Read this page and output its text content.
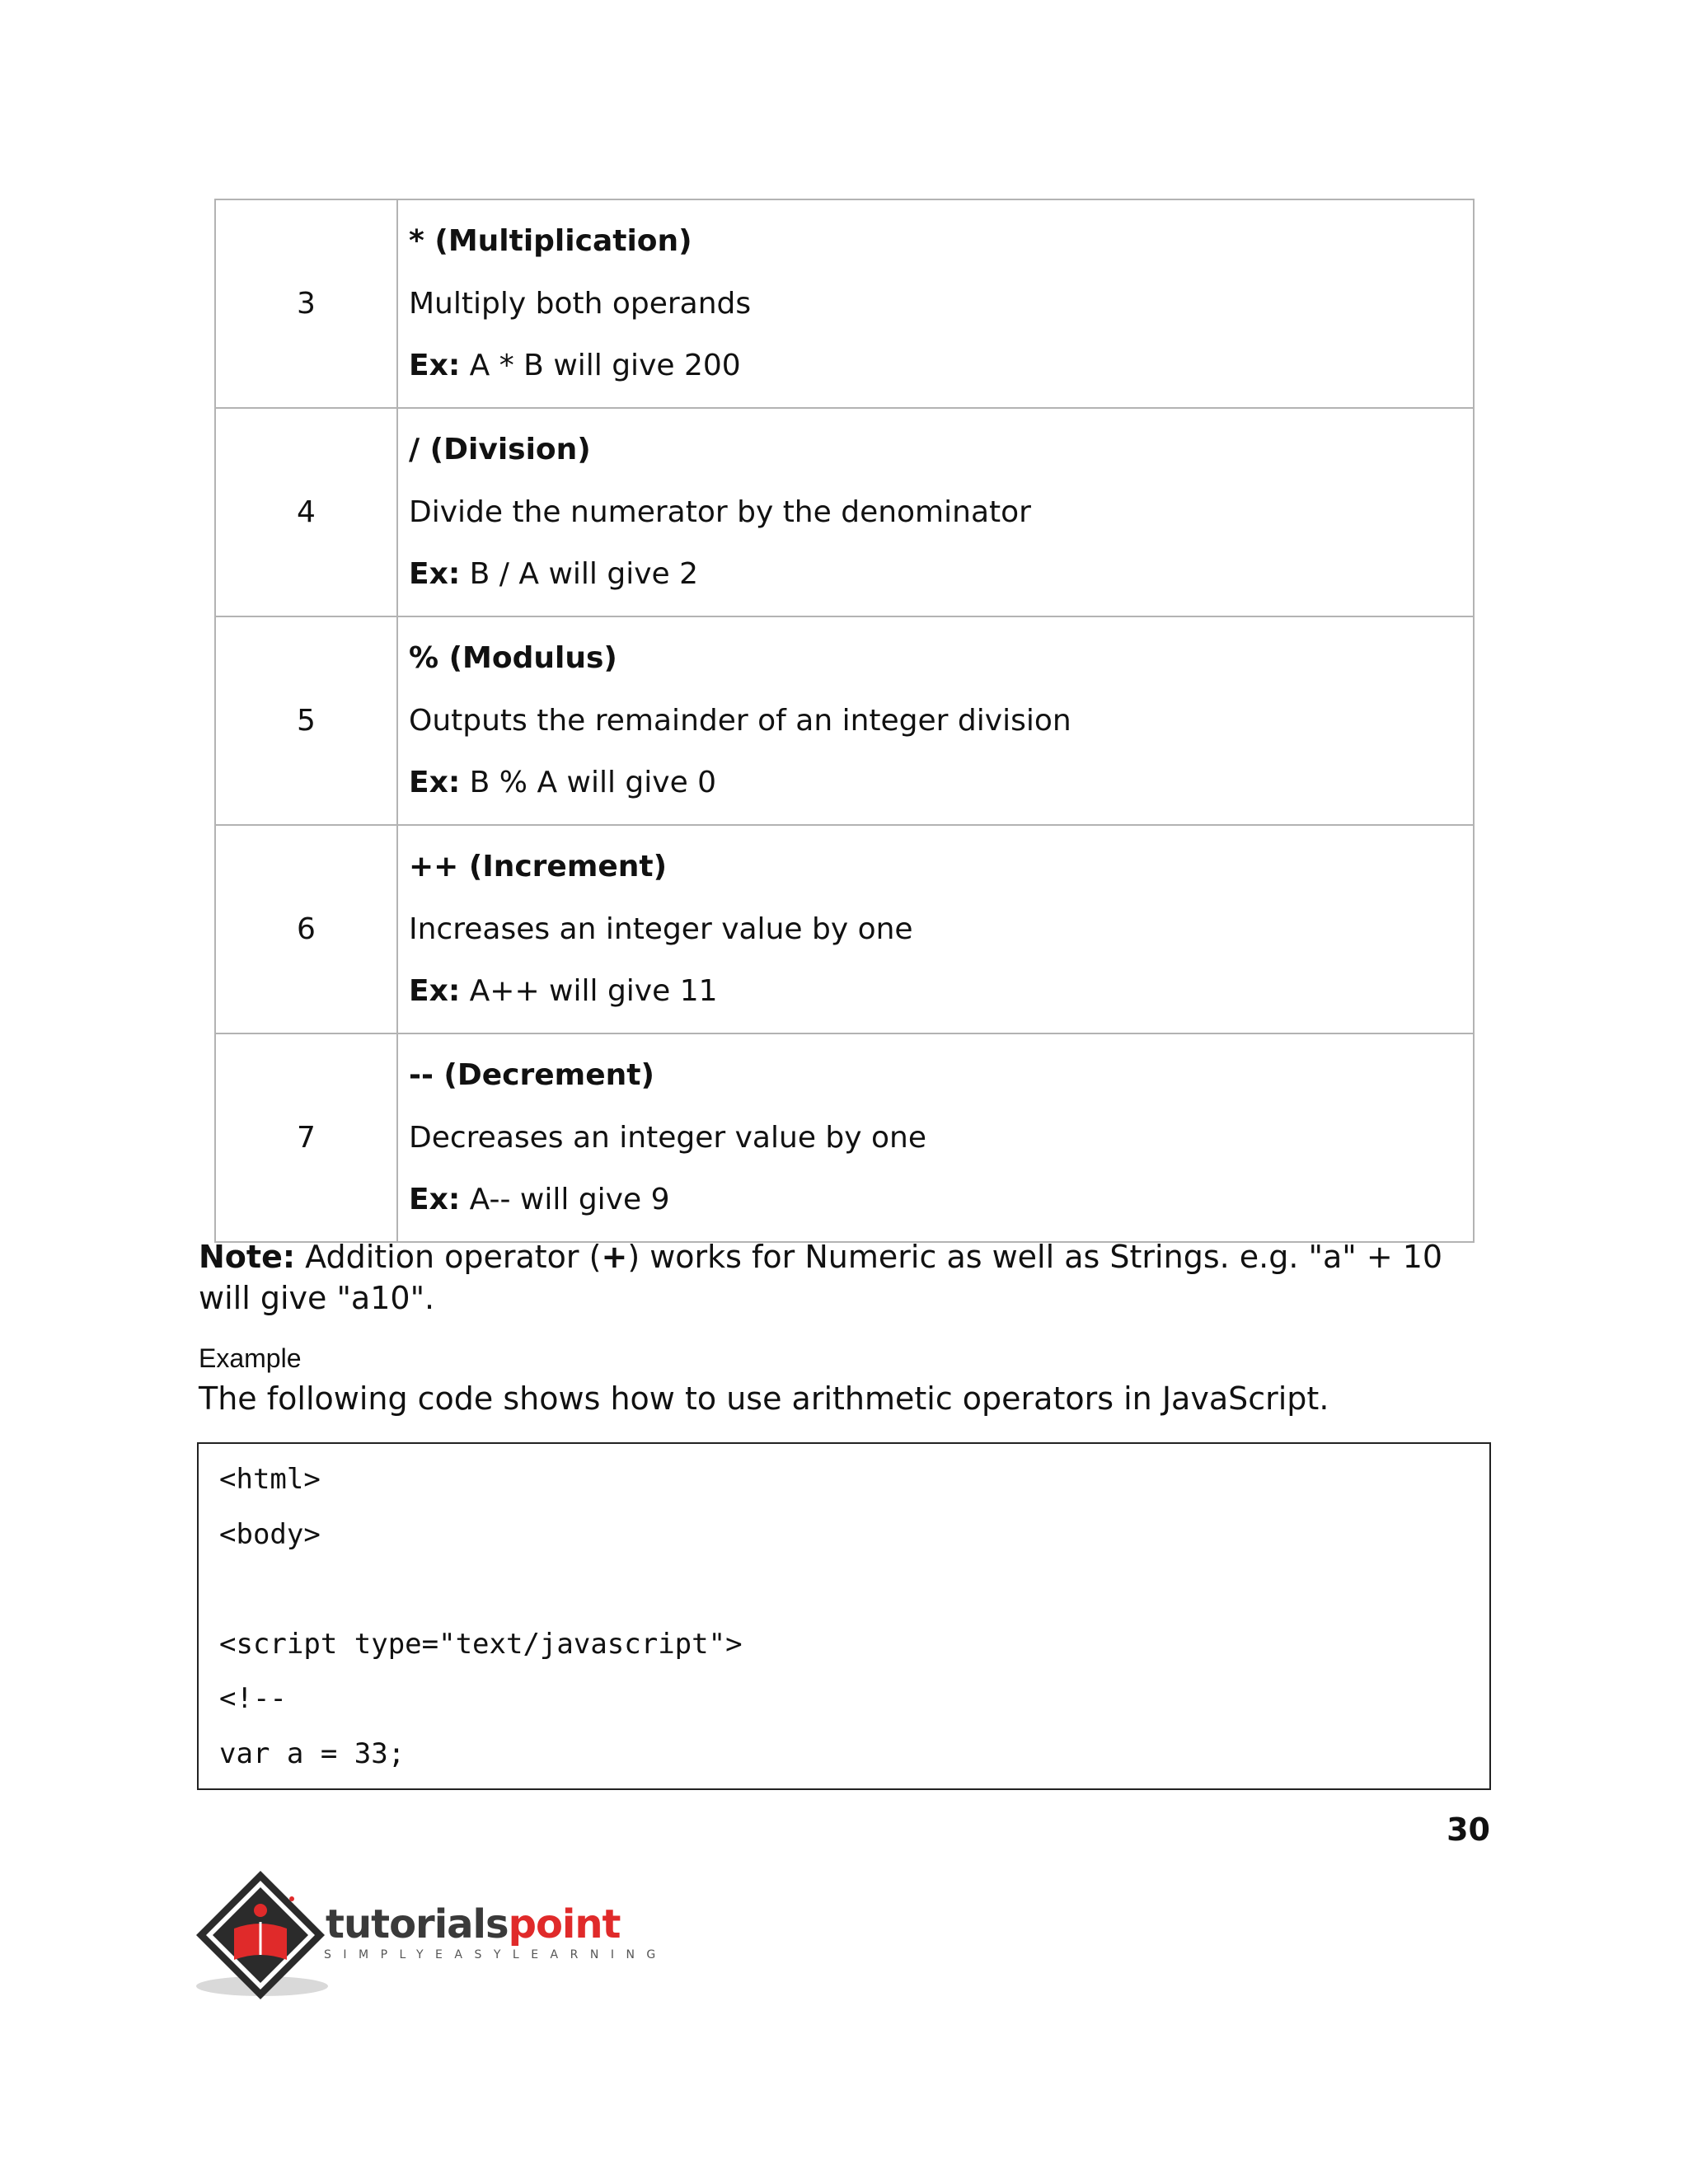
3	* (Multiplication)
Multiply both operands
Ex: A * B will give 200

4	/ (Division)
Divide the numerator by the denominator
Ex: B / A will give 2

5	% (Modulus)
Outputs the remainder of an integer division
Ex: B % A will give 0

6	++ (Increment)
Increases an integer value by one
Ex: A++ will give 11

7	-- (Decrement)
Decreases an integer value by one
Ex: A-- will give 9
Note: Addition operator (+) works for Numeric as well as Strings. e.g. "a" + 10 will give "a10".
Example
The following code shows how to use arithmetic operators in JavaScript.
<html>
<body>
<script type="text/javascript">
<!--
var a = 33;
30
tutorialspoint
SIMPLYEASYLEARNING
